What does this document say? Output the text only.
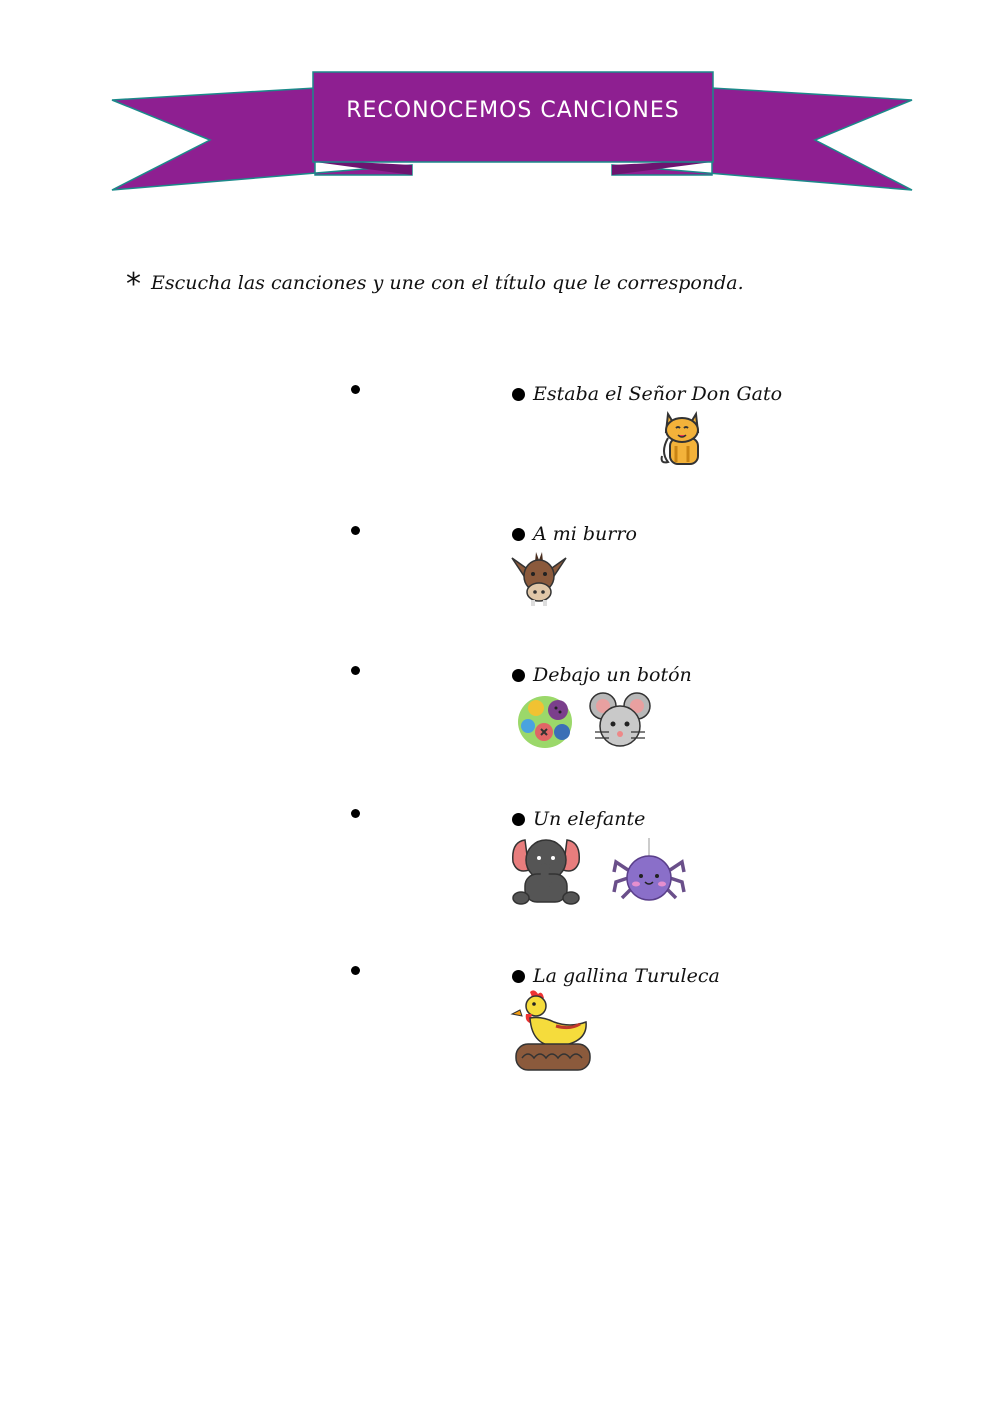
RECONOCEMOS CANCIONES
* Escucha las canciones y une con el título que le corresponda.
Estaba el Señor Don Gato
A mi burro
Debajo un botón
Un elefante
La gallina Turuleca
